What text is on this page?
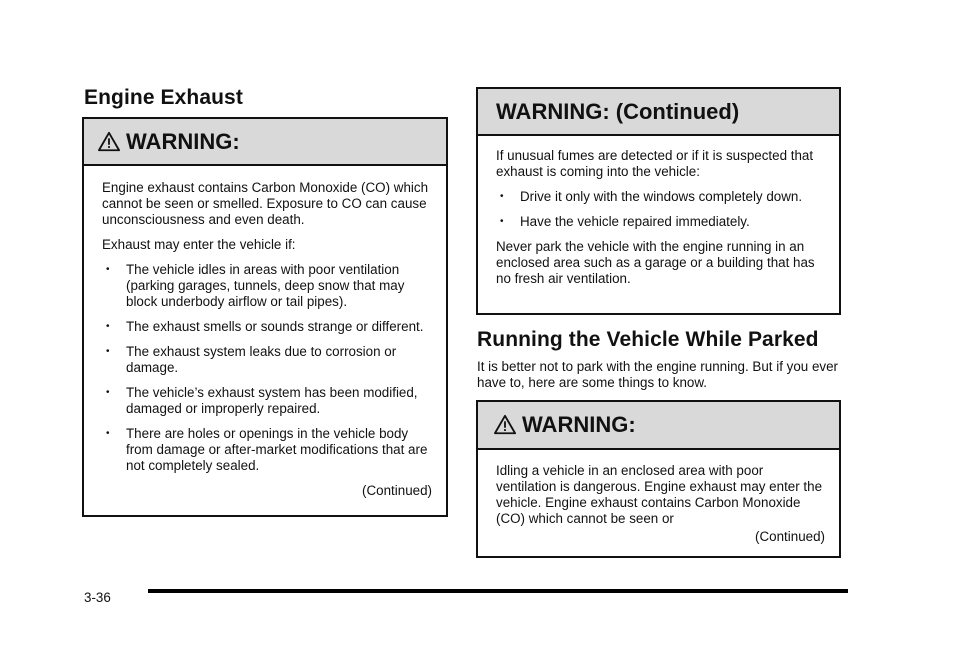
Engine Exhaust
WARNING:

Engine exhaust contains Carbon Monoxide (CO) which cannot be seen or smelled. Exposure to CO can cause unconsciousness and even death.

Exhaust may enter the vehicle if:

• The vehicle idles in areas with poor ventilation (parking garages, tunnels, deep snow that may block underbody airflow or tail pipes).
• The exhaust smells or sounds strange or different.
• The exhaust system leaks due to corrosion or damage.
• The vehicle’s exhaust system has been modified, damaged or improperly repaired.
• There are holes or openings in the vehicle body from damage or after-market modifications that are not completely sealed.
(Continued)
WARNING: (Continued)

If unusual fumes are detected or if it is suspected that exhaust is coming into the vehicle:

• Drive it only with the windows completely down.
• Have the vehicle repaired immediately.

Never park the vehicle with the engine running in an enclosed area such as a garage or a building that has no fresh air ventilation.

Running the Vehicle While Parked
It is better not to park with the engine running. But if you ever have to, here are some things to know.
WARNING:

Idling a vehicle in an enclosed area with poor ventilation is dangerous. Engine exhaust may enter the vehicle. Engine exhaust contains Carbon Monoxide (CO) which cannot be seen or

(Continued)
3-36
